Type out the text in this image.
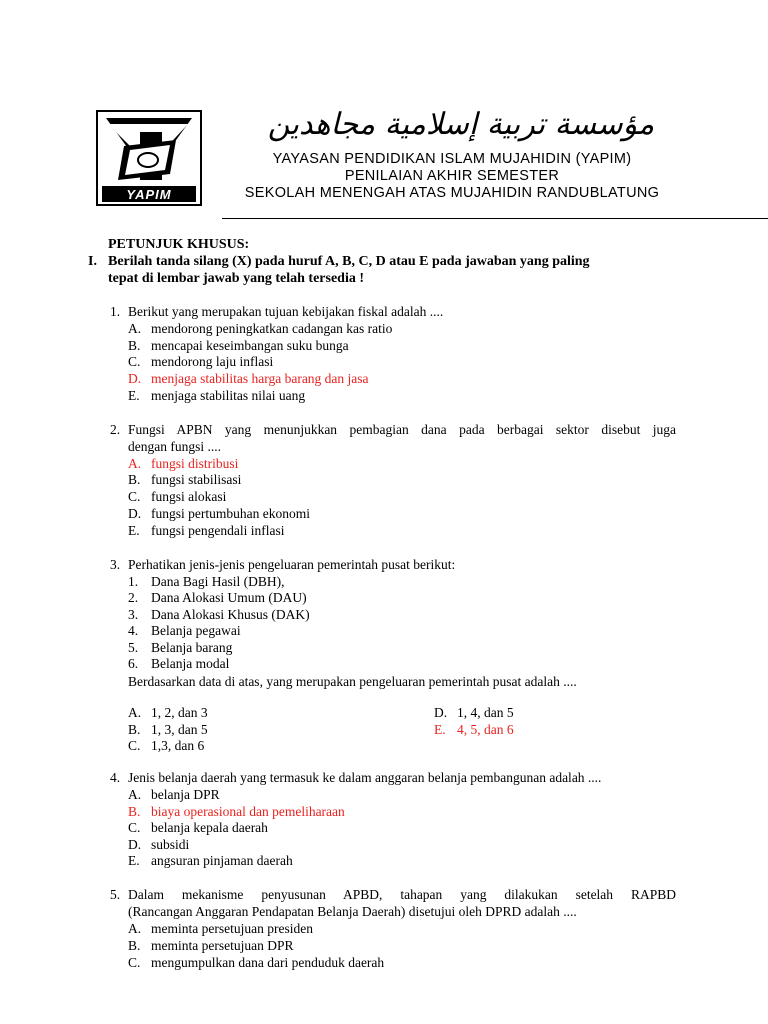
YAPIM
مؤسسة تربية إسلامية مجاهدين
YAYASAN PENDIDIKAN ISLAM MUJAHIDIN (YAPIM)
PENILAIAN AKHIR SEMESTER
SEKOLAH MENENGAH ATAS MUJAHIDIN RANDUBLATUNG
PETUNJUK KHUSUS:
I. Berilah tanda silang (X) pada huruf A, B, C, D atau E pada jawaban yang paling
tepat di lembar jawab yang telah tersedia !
1. Berikut yang merupakan tujuan kebijakan fiskal adalah ....
A. mendorong peningkatkan cadangan kas ratio
B. mencapai keseimbangan suku bunga
C. mendorong laju inflasi
D. menjaga stabilitas harga barang dan jasa
E. menjaga stabilitas nilai uang
2. Fungsi APBN yang menunjukkan pembagian dana pada berbagai sektor disebut juga
dengan fungsi ....
A. fungsi distribusi
B. fungsi stabilisasi
C. fungsi alokasi
D. fungsi pertumbuhan ekonomi
E. fungsi pengendali inflasi
3. Perhatikan jenis-jenis pengeluaran pemerintah pusat berikut:
1. Dana Bagi Hasil (DBH),
2. Dana Alokasi Umum (DAU)
3. Dana Alokasi Khusus (DAK)
4. Belanja pegawai
5. Belanja barang
6. Belanja modal
Berdasarkan data di atas, yang merupakan pengeluaran pemerintah pusat adalah ....
A. 1, 2, dan 3
B. 1, 3, dan 5
C. 1,3, dan 6
D. 1, 4, dan 5
E. 4, 5, dan 6
4. Jenis belanja daerah yang termasuk ke dalam anggaran belanja pembangunan adalah ....
A. belanja DPR
B. biaya operasional dan pemeliharaan
C. belanja kepala daerah
D. subsidi
E. angsuran pinjaman daerah
5. Dalam mekanisme penyusunan APBD, tahapan yang dilakukan setelah RAPBD
(Rancangan Anggaran Pendapatan Belanja Daerah) disetujui oleh DPRD adalah ....
A. meminta persetujuan presiden
B. meminta persetujuan DPR
C. mengumpulkan dana dari penduduk daerah
